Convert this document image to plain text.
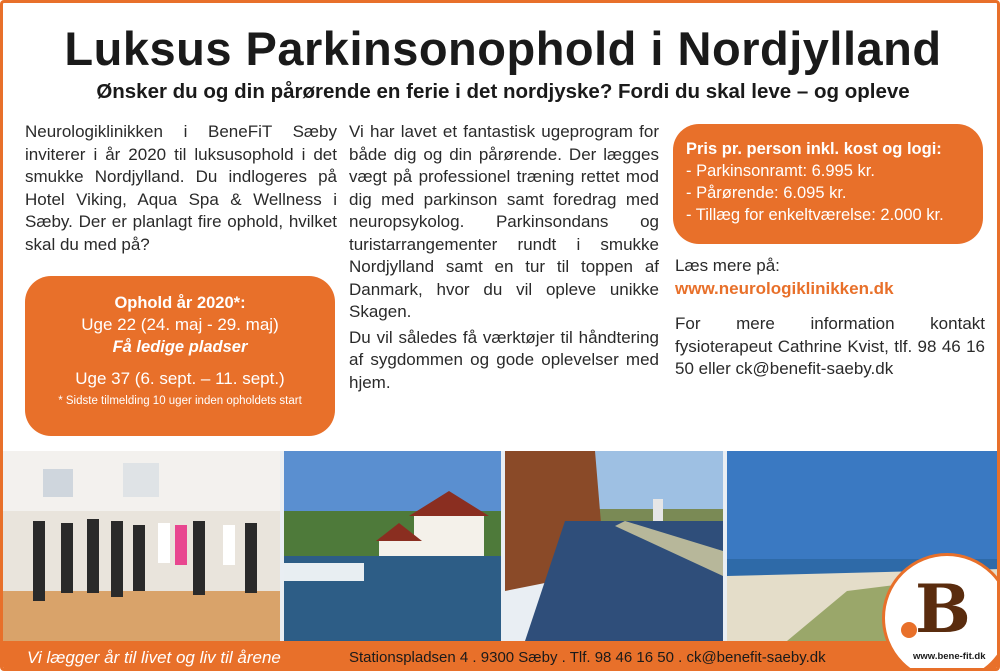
Luksus Parkinsonophold i Nordjylland
Ønsker du og din pårørende en ferie i det nordjyske? Fordi du skal leve – og opleve

Neurologiklinikken i BeneFiT Sæby inviterer i år 2020 til luksusophold i det smukke Nordjylland. Du indlogeres på Hotel Viking, Aqua Spa & Wellness i Sæby. Der er planlagt fire ophold, hvilket skal du med på?

Ophold år 2020*:
Uge 22 (24. maj - 29. maj)
Få ledige pladser
Uge 37 (6. sept. – 11. sept.)
* Sidste tilmelding 10 uger inden opholdets start

Vi har lavet et fantastisk ugeprogram for både dig og din pårørende. Der lægges vægt på professionel træning rettet mod dig med parkinson samt foredrag med neuropsykolog. Parkinsondans og turistarrangementer rundt i smukke Nordjylland samt en tur til toppen af Danmark, hvor du vil opleve unikke Skagen.

Du vil således få værktøjer til håndtering af sygdommen og gode oplevelser med hjem.

Pris pr. person inkl. kost og logi:
- Parkinsonramt: 6.995 kr.
- Pårørende: 6.095 kr.
- Tillæg for enkeltværelse: 2.000 kr.
Læs mere på:
www.neurologiklinikken.dk
For mere information kontakt fysioterapeut Cathrine Kvist, tlf. 98 46 16 50 eller ck@benefit-saeby.dk
Vi lægger år til livet og liv til årene	Stationspladsen 4 . 9300 Sæby . Tlf. 98 46 16 50 . ck@benefit-saeby.dk
B
www.bene-fit.dk
